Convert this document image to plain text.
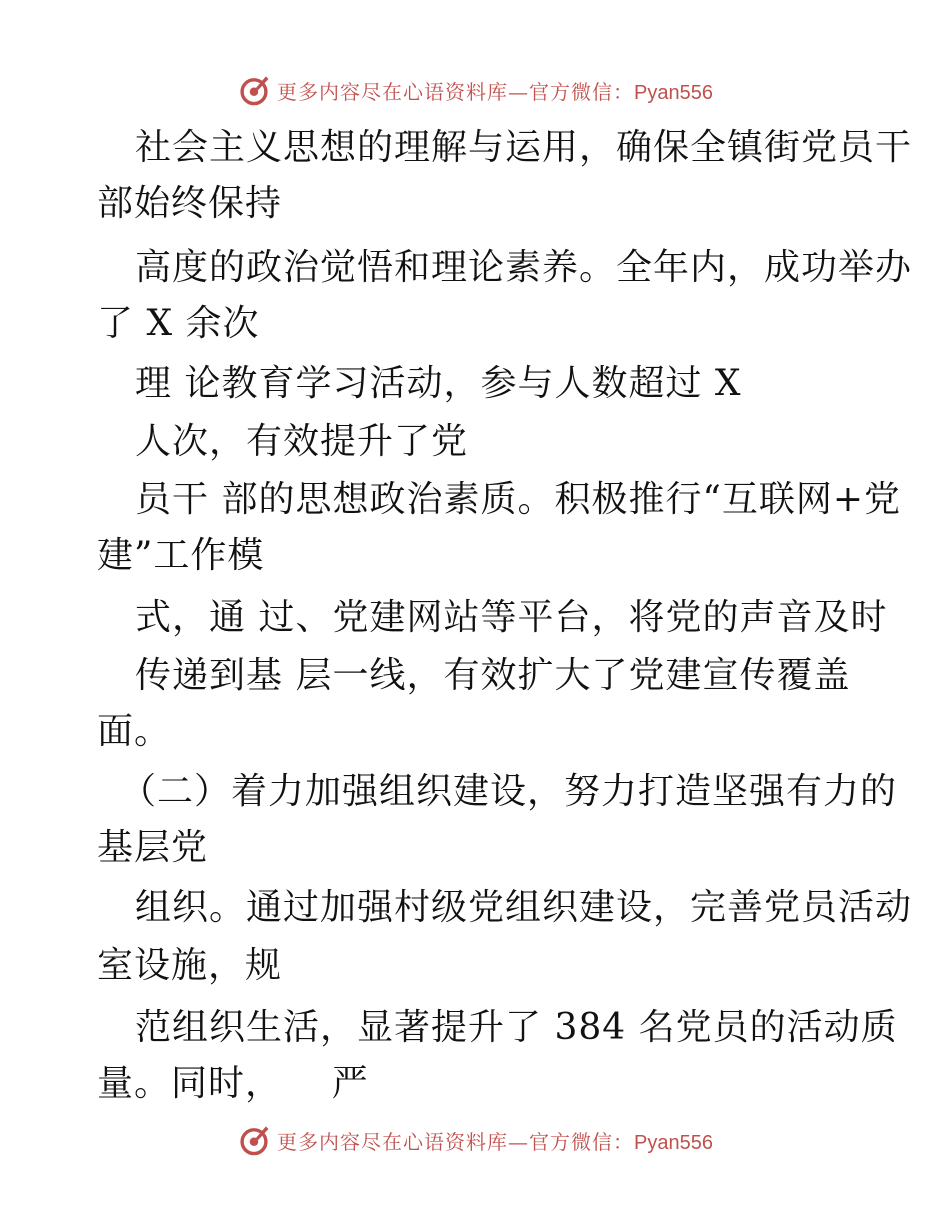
更多内容尽在心语资料库—官方微信：Pyan556
社会主义思想的理解与运用，确保全镇街党员干
部始终保持
高度的政治觉悟和理论素养。全年内，成功举办
了 X 余次
理 论教育学习活动，参与人数超过 X
人次，有效提升了党
员干 部的思想政治素质。积极推行“互联网+党
建”工作模
式，通 过、党建网站等平台，将党的声音及时
传递到基 层一线，有效扩大了党建宣传覆盖
面。
（二）着力加强组织建设，努力打造坚强有力的
基层党
组织。通过加强村级党组织建设，完善党员活动
室设施，规
范组织生活，显著提升了 384 名党员的活动质
量。同时，    严
更多内容尽在心语资料库—官方微信：Pyan556
